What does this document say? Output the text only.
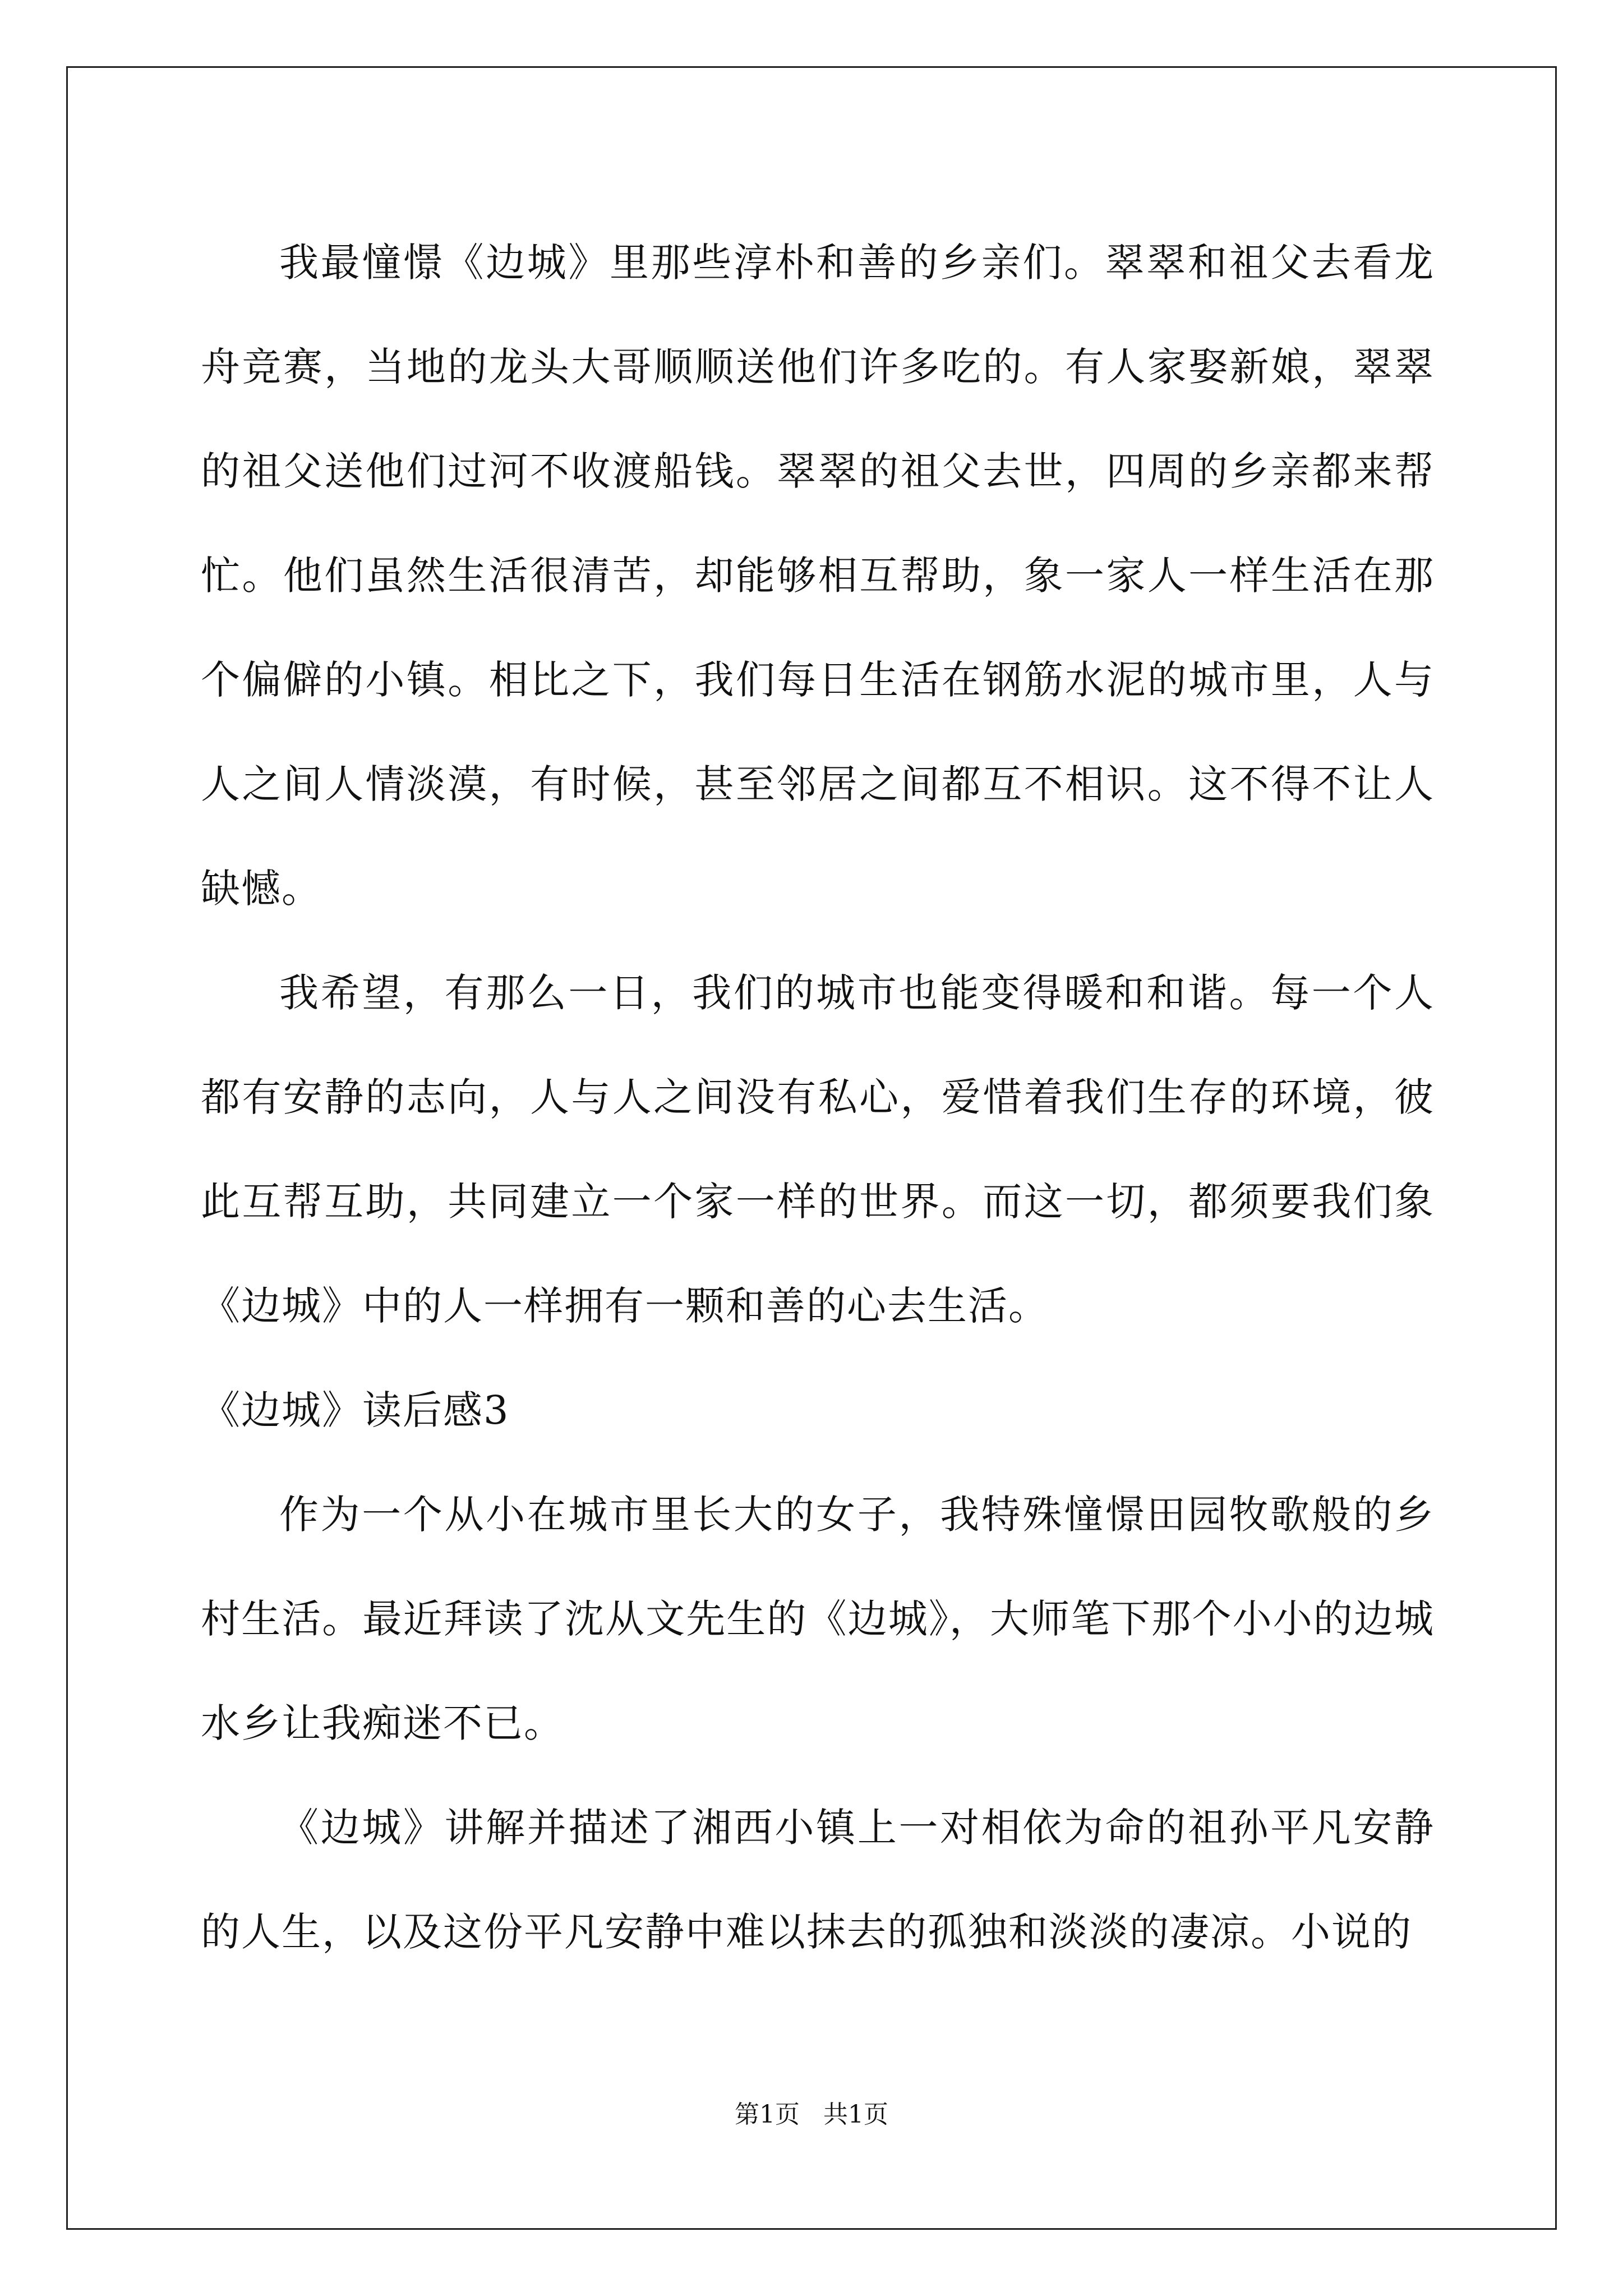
我最憧憬《边城》里那些淳朴和善的乡亲们。翠翠和祖父去看龙舟竞赛，当地的龙头大哥顺顺送他们许多吃的。有人家娶新娘，翠翠的祖父送他们过河不收渡船钱。翠翠的祖父去世，四周的乡亲都来帮忙。他们虽然生活很清苦，却能够相互帮助，象一家人一样生活在那个偏僻的小镇。相比之下，我们每日生活在钢筋水泥的城市里，人与人之间人情淡漠，有时候，甚至邻居之间都互不相识。这不得不让人缺憾。

我希望，有那么一日，我们的城市也能变得暖和和谐。每一个人都有安静的志向，人与人之间没有私心，爱惜着我们生存的环境，彼此互帮互助，共同建立一个家一样的世界。而这一切，都须要我们象《边城》中的人一样拥有一颗和善的心去生活。

《边城》读后感3

作为一个从小在城市里长大的女子，我特殊憧憬田园牧歌般的乡村生活。最近拜读了沈从文先生的《边城》，大师笔下那个小小的边城水乡让我痴迷不已。

《边城》讲解并描述了湘西小镇上一对相依为命的祖孙平凡安静的人生，以及这份平凡安静中难以抹去的孤独和淡淡的凄凉。小说的

第1页 共1页
